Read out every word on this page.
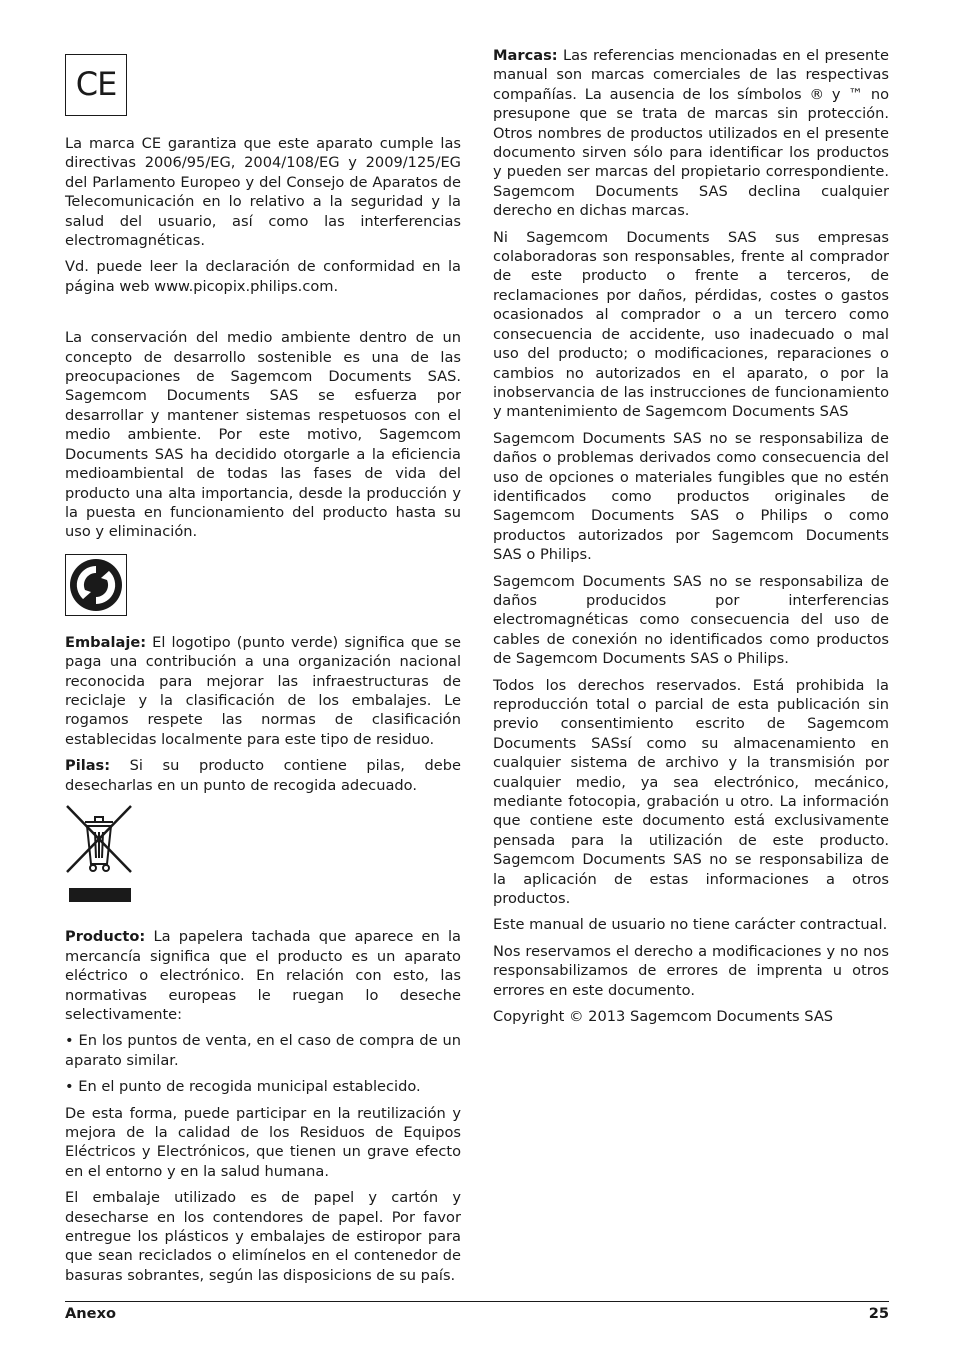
CE

La marca CE garantiza que este aparato cumple las directivas 2006/95/EG, 2004/108/EG y 2009/125/EG del Parlamento Europeo y del Consejo de Aparatos de Telecomunicación en lo relativo a la seguridad y la salud del usuario, así como las interferencias electromagnéticas.

Vd. puede leer la declaración de conformidad en la página web www.picopix.philips.com.

La conservación del medio ambiente dentro de un concepto de desarrollo sostenible es una de las preocupaciones de Sagemcom Documents SAS. Sagemcom Documents SAS se esfuerza por desarrollar y mantener sistemas respetuosos con el medio ambiente. Por este motivo, Sagemcom Documents SAS ha decidido otorgarle a la eficiencia medioambiental de todas las fases de vida del producto una alta importancia, desde la producción y la puesta en funcionamiento del producto hasta su uso y eliminación.

Embalaje: El logotipo (punto verde) significa que se paga una contribución a una organización nacional reconocida para mejorar las infraestructuras de reciclaje y la clasificación de los embalajes. Le rogamos respete las normas de clasificación establecidas localmente para este tipo de residuo.

Pilas: Si su producto contiene pilas, debe desecharlas en un punto de recogida adecuado.

Producto: La papelera tachada que aparece en la mercancía significa que el producto es un aparato eléctrico o electrónico. En relación con esto, las normativas europeas le ruegan lo deseche selectivamente:

• En los puntos de venta, en el caso de compra de un aparato similar.

• En el punto de recogida municipal establecido.

De esta forma, puede participar en la reutilización y mejora de la calidad de los Residuos de Equipos Eléctricos y Electrónicos, que tienen un grave efecto en el entorno y en la salud humana.

El embalaje utilizado es de papel y cartón y desecharse en los contendores de papel. Por favor entregue los plásticos y embalajes de estiropor para que sean reciclados o elimínelos en el contenedor de basuras sobrantes, según las disposicions de su país.

Marcas: Las referencias mencionadas en el presente manual son marcas comerciales de las respectivas compañías. La ausencia de los símbolos ® y ™ no presupone que se trata de marcas sin protección. Otros nombres de productos utilizados en el presente documento sirven sólo para identificar los productos y pueden ser marcas del propietario correspondiente. Sagemcom Documents SAS declina cualquier derecho en dichas marcas.

Ni Sagemcom Documents SAS sus empresas colaboradoras son responsables, frente al comprador de este producto o frente a terceros, de reclamaciones por daños, pérdidas, costes o gastos ocasionados al comprador o a un tercero como consecuencia de accidente, uso inadecuado o mal uso del producto; o modificaciones, reparaciones o cambios no autorizados en el aparato, o por la inobservancia de las instrucciones de funcionamiento y mantenimiento de Sagemcom Documents SAS

Sagemcom Documents SAS no se responsabiliza de daños o problemas derivados como consecuencia del uso de opciones o materiales fungibles que no estén identificados como productos originales de Sagemcom Documents SAS o Philips o como productos autorizados por Sagemcom Documents SAS o Philips.

Sagemcom Documents SAS no se responsabiliza de daños producidos por interferencias electromagnéticas como consecuencia del uso de cables de conexión no identificados como productos de Sagemcom Documents SAS o Philips.

Todos los derechos reservados. Está prohibida la reproducción total o parcial de esta publicación sin previo consentimiento escrito de Sagemcom Documents SASsí como su almacenamiento en cualquier sistema de archivo y la transmisión por cualquier medio, ya sea electrónico, mecánico, mediante fotocopia, grabación u otro. La información que contiene este documento está exclusivamente pensada para la utilización de este producto. Sagemcom Documents SAS no se responsabiliza de la aplicación de estas informaciones a otros productos.

Este manual de usuario no tiene carácter contractual.

Nos reservamos el derecho a modificaciones y no nos responsabilizamos de errores de imprenta u otros errores en este documento.

Copyright © 2013 Sagemcom Documents SAS

Anexo	25
